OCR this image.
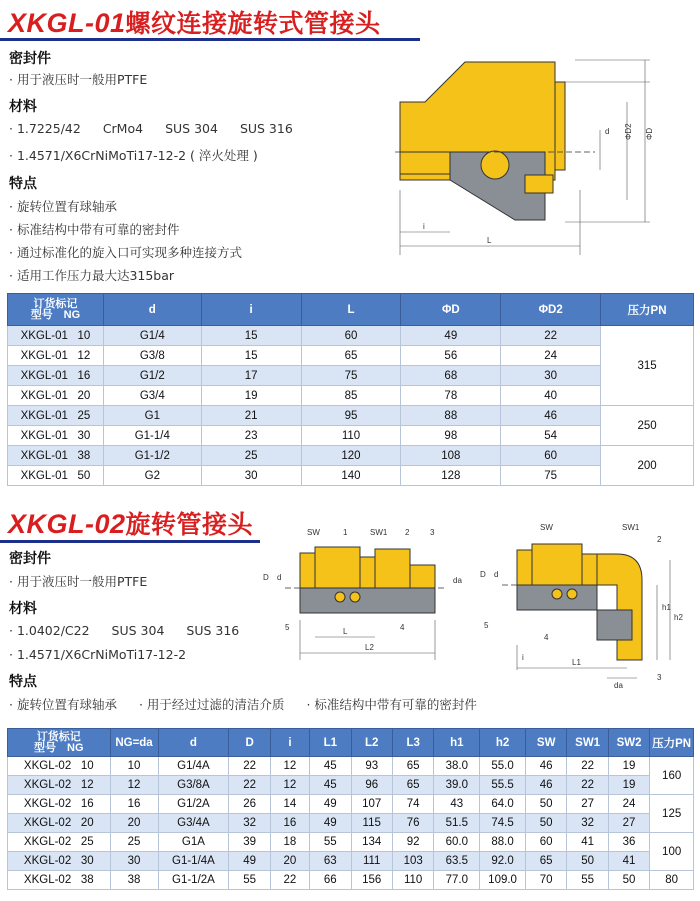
XKGL-01螺纹连接旋转式管接头
密封件
· 用于液压时一般用PTFE
材料
· 1.7225/42 CrMo4 SUS 304 SUS 316
· 1.4571/X6CrNiMoTi17-12-2 ( 淬火处理 )
特点
· 旋转位置有球轴承
· 标准结构中带有可靠的密封件
· 通过标准化的旋入口可实现多种连接方式
· 适用工作压力最大达315bar
d ΦD2 ΦD
i
L
订货标记
型号　NG	d	i	L	ΦD	ΦD2	压力PN
XKGL-01 10	G1/4	15	60	49	22	315
XKGL-01 12	G3/8	15	65	56	24	
XKGL-01 16	G1/2	17	75	68	30	
XKGL-01 20	G3/4	19	85	78	40	
XKGL-01 25	G1	21	95	88	46	250
XKGL-01 30	G1-1/4	23	110	98	54	
XKGL-01 38	G1-1/2	25	120	108	60	200
XKGL-01 50	G2	30	140	128	75	
XKGL-02旋转管接头
密封件
· 用于液压时一般用PTFE
材料
· 1.0402/C22 SUS 304 SUS 316
· 1.4571/X6CrNiMoTi17-12-2
特点
· 旋转位置有球轴承 · 用于经过过滤的清洁介质 · 标准结构中带有可靠的密封件
SW	1	SW1 2	3
5	4
D d	da
L
L2
SW	SW1
2
5
4
3
D d
h1
h2
i
L1
da
订货标记
型号　NG	NG=da	d	D	i	L1	L2	L3	h1	h2	SW	SW1	SW2	压力PN
XKGL-02 10	10	G1/4A	22	12	45	93	65	38.0	55.0	46	22	19	160
XKGL-02 12	12	G3/8A	22	12	45	96	65	39.0	55.5	46	22	19	
XKGL-02 16	16	G1/2A	26	14	49	107	74	43	64.0	50	27	24	125
XKGL-02 20	20	G3/4A	32	16	49	115	76	51.5	74.5	50	32	27	
XKGL-02 25	25	G1A	39	18	55	134	92	60.0	88.0	60	41	36	100
XKGL-02 30	30	G1-1/4A	49	20	63	111	103	63.5	92.0	65	50	41	
XKGL-02 38	38	G1-1/2A	55	22	66	156	110	77.0	109.0	70	55	50	80
